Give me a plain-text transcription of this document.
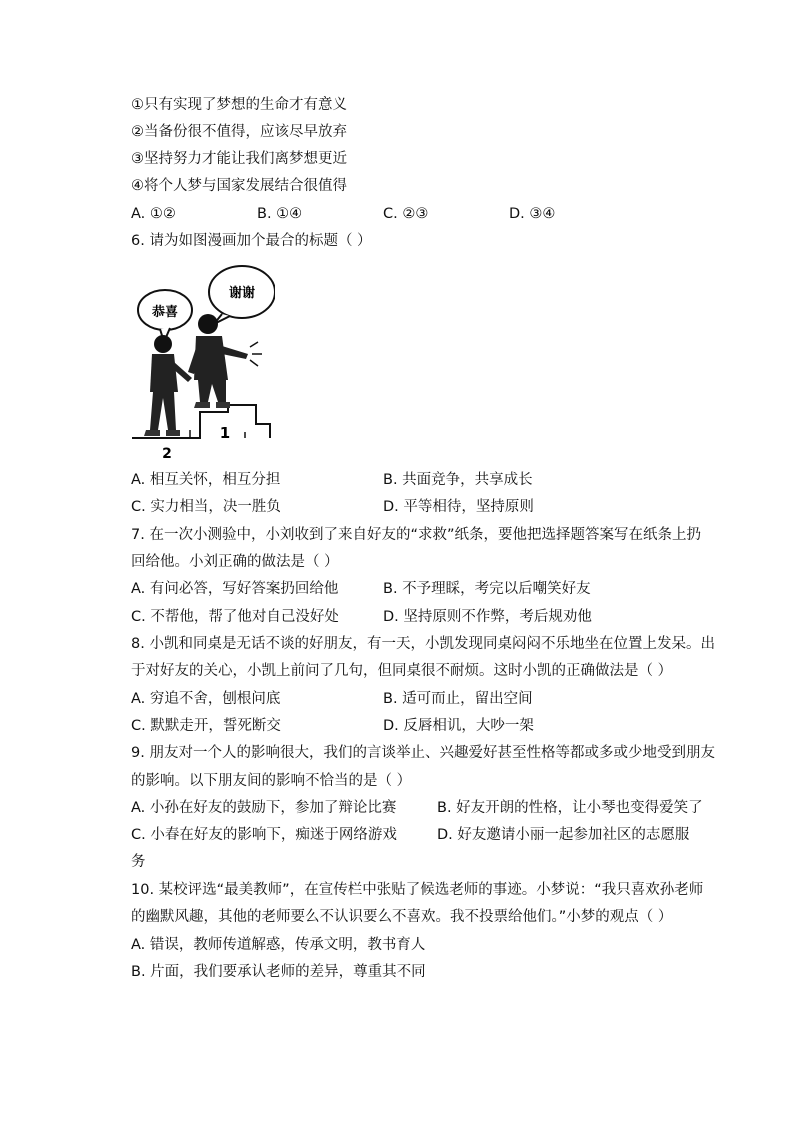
①只有实现了梦想的生命才有意义
②当备份很不值得，应该尽早放弃
③坚持努力才能让我们离梦想更近
④将个人梦与国家发展结合很值得
A. ①②	B. ①④	C. ②③	D. ③④
6. 请为如图漫画加个最合的标题（ ）
恭喜
谢谢
2
1
A. 相互关怀，相互分担	B. 共面竞争，共享成长
C. 实力相当，决一胜负	D. 平等相待，坚持原则
7. 在一次小测验中，小刘收到了来自好友的“求救”纸条，要他把选择题答案写在纸条上扔
回给他。小刘正确的做法是（ ）
A. 有问必答，写好答案扔回给他	B. 不予理睬，考完以后嘲笑好友
C. 不帮他，帮了他对自己没好处	D. 坚持原则不作弊，考后规劝他
8. 小凯和同桌是无话不谈的好朋友，有一天，小凯发现同桌闷闷不乐地坐在位置上发呆。出
于对好友的关心，小凯上前问了几句，但同桌很不耐烦。这时小凯的正确做法是（ ）
A. 穷追不舍，刨根问底	B. 适可而止，留出空间
C. 默默走开，誓死断交	D. 反唇相讥，大吵一架
9. 朋友对一个人的影响很大，我们的言谈举止、兴趣爱好甚至性格等都或多或少地受到朋友
的影响。以下朋友间的影响不恰当的是（ ）
A. 小孙在好友的鼓励下，参加了辩论比赛	B. 好友开朗的性格，让小琴也变得爱笑了
C. 小春在好友的影响下，痴迷于网络游戏	D. 好友邀请小丽一起参加社区的志愿服
务
10. 某校评选“最美教师”，在宣传栏中张贴了候选老师的事迹。小梦说：“我只喜欢孙老师
的幽默风趣，其他的老师要么不认识要么不喜欢。我不投票给他们。”小梦的观点（ ）
A. 错误，教师传道解惑，传承文明，教书育人
B. 片面，我们要承认老师的差异，尊重其不同
